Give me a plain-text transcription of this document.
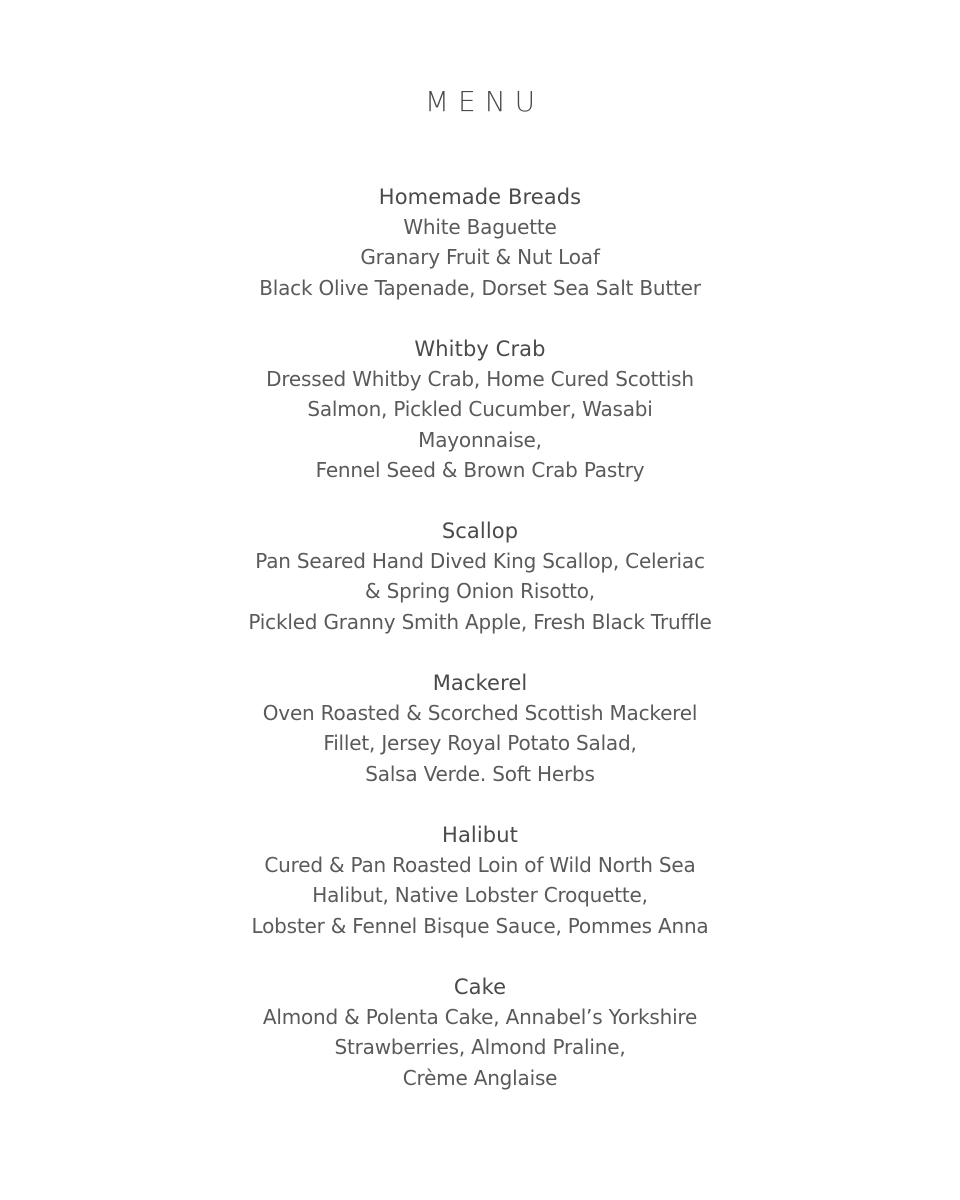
MENU
Homemade Breads
White Baguette
Granary Fruit & Nut Loaf
Black Olive Tapenade, Dorset Sea Salt Butter
Whitby Crab
Dressed Whitby Crab, Home Cured Scottish
Salmon, Pickled Cucumber, Wasabi
Mayonnaise,
Fennel Seed & Brown Crab Pastry
Scallop
Pan Seared Hand Dived King Scallop, Celeriac
& Spring Onion Risotto,
Pickled Granny Smith Apple, Fresh Black Truffle
Mackerel
Oven Roasted & Scorched Scottish Mackerel
Fillet, Jersey Royal Potato Salad,
Salsa Verde. Soft Herbs
Halibut
Cured & Pan Roasted Loin of Wild North Sea
Halibut, Native Lobster Croquette,
Lobster & Fennel Bisque Sauce, Pommes Anna
Cake
Almond & Polenta Cake, Annabel’s Yorkshire
Strawberries, Almond Praline,
Crème Anglaise
